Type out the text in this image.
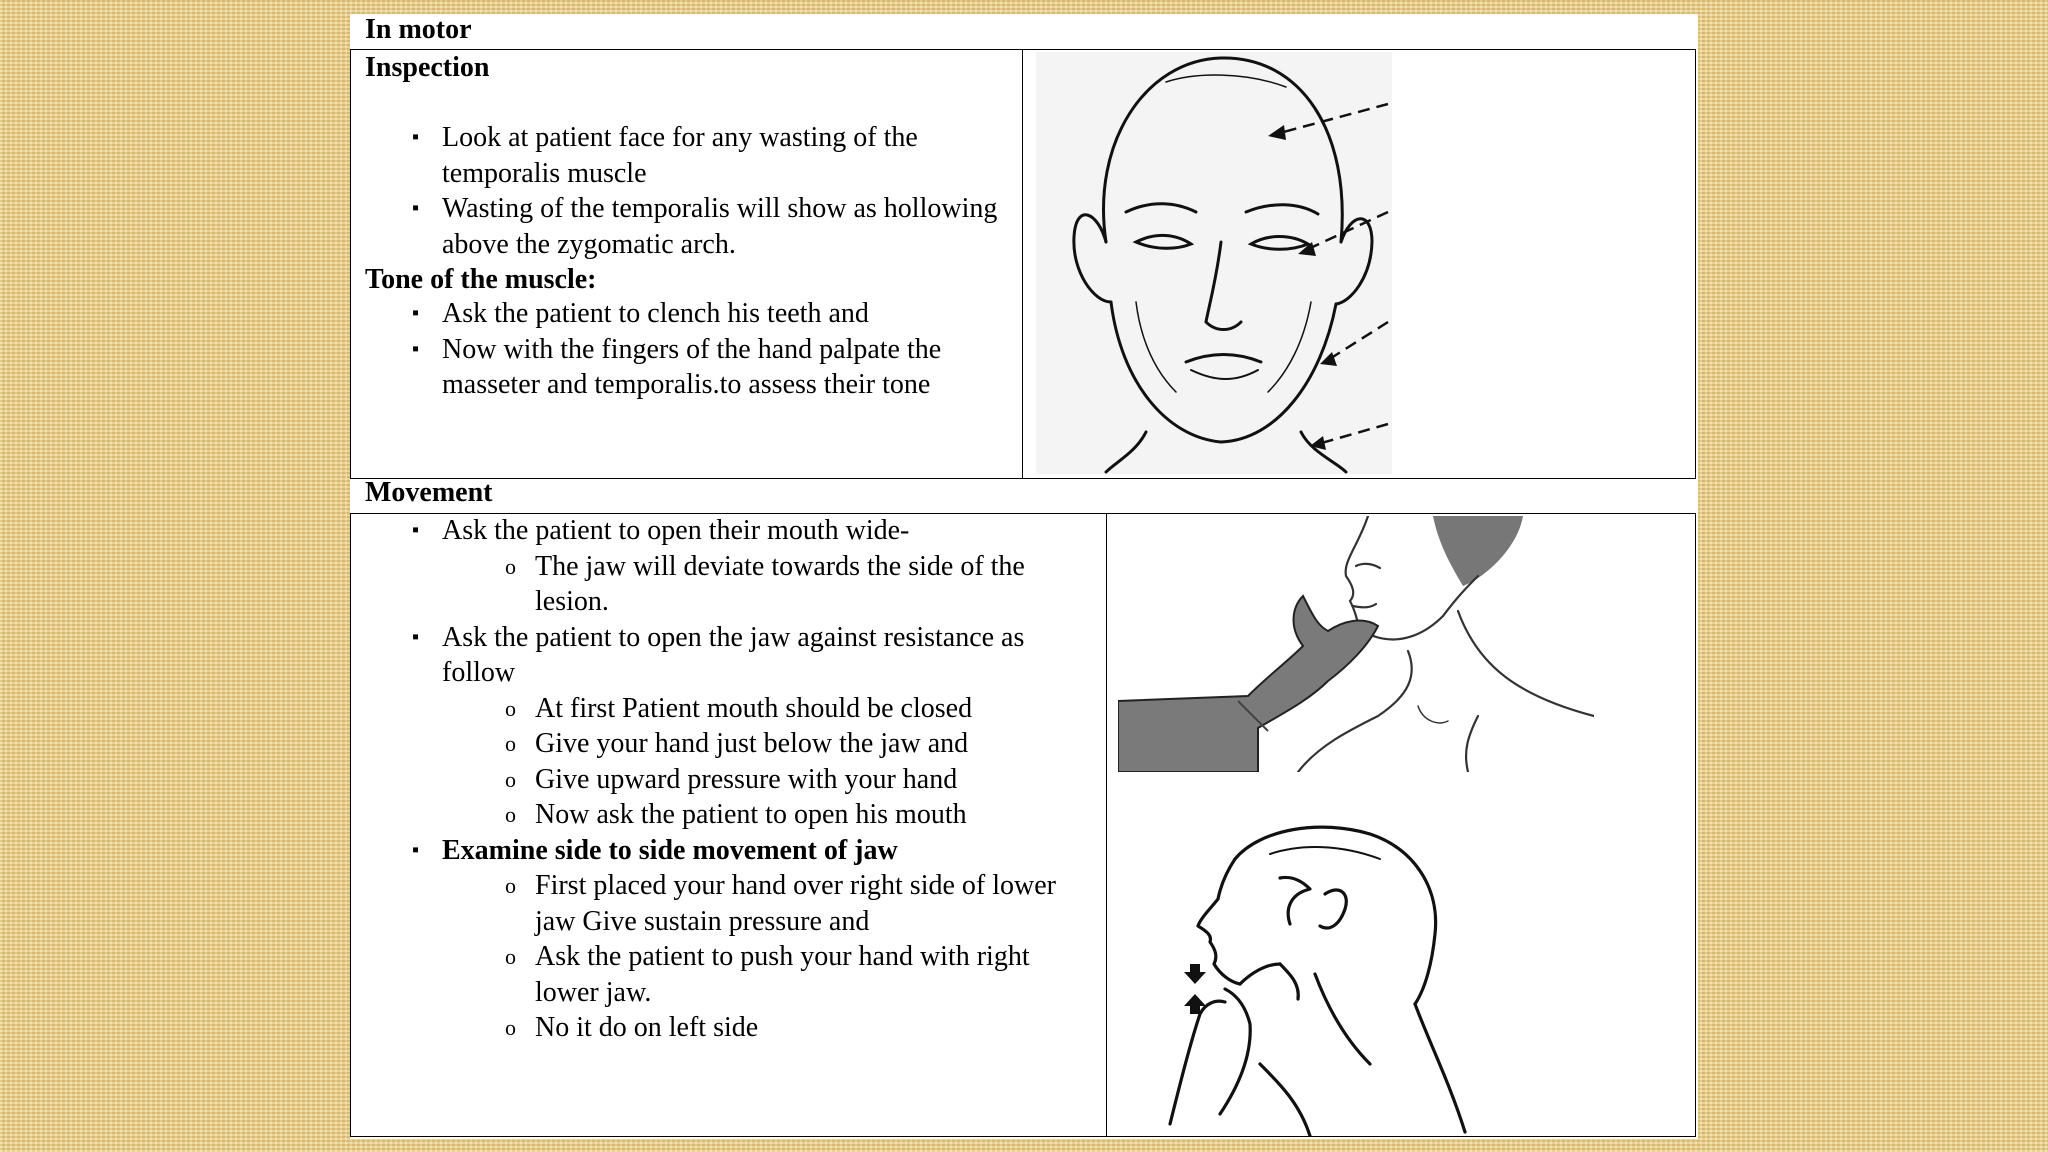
In motor
Inspection
▪ Look at patient face for any wasting of the temporalis muscle
▪ Wasting of the temporalis will show as hollowing above the zygomatic arch.
Tone of the muscle:
▪ Ask the patient to clench his teeth and
▪ Now with the fingers of the hand palpate the masseter and temporalis.to assess their tone
Movement
▪ Ask the patient to open their mouth wide-
o The jaw will deviate towards the side of the lesion.
▪ Ask the patient to open the jaw against resistance as follow
o At first Patient mouth should be closed
o Give your hand just below the jaw and
o Give upward pressure with your hand
o Now ask the patient to open his mouth
▪ Examine side to side movement of jaw
o First placed your hand over right side of lower jaw Give sustain pressure and
o Ask the patient to push your hand with right lower jaw.
o No it do on left side
